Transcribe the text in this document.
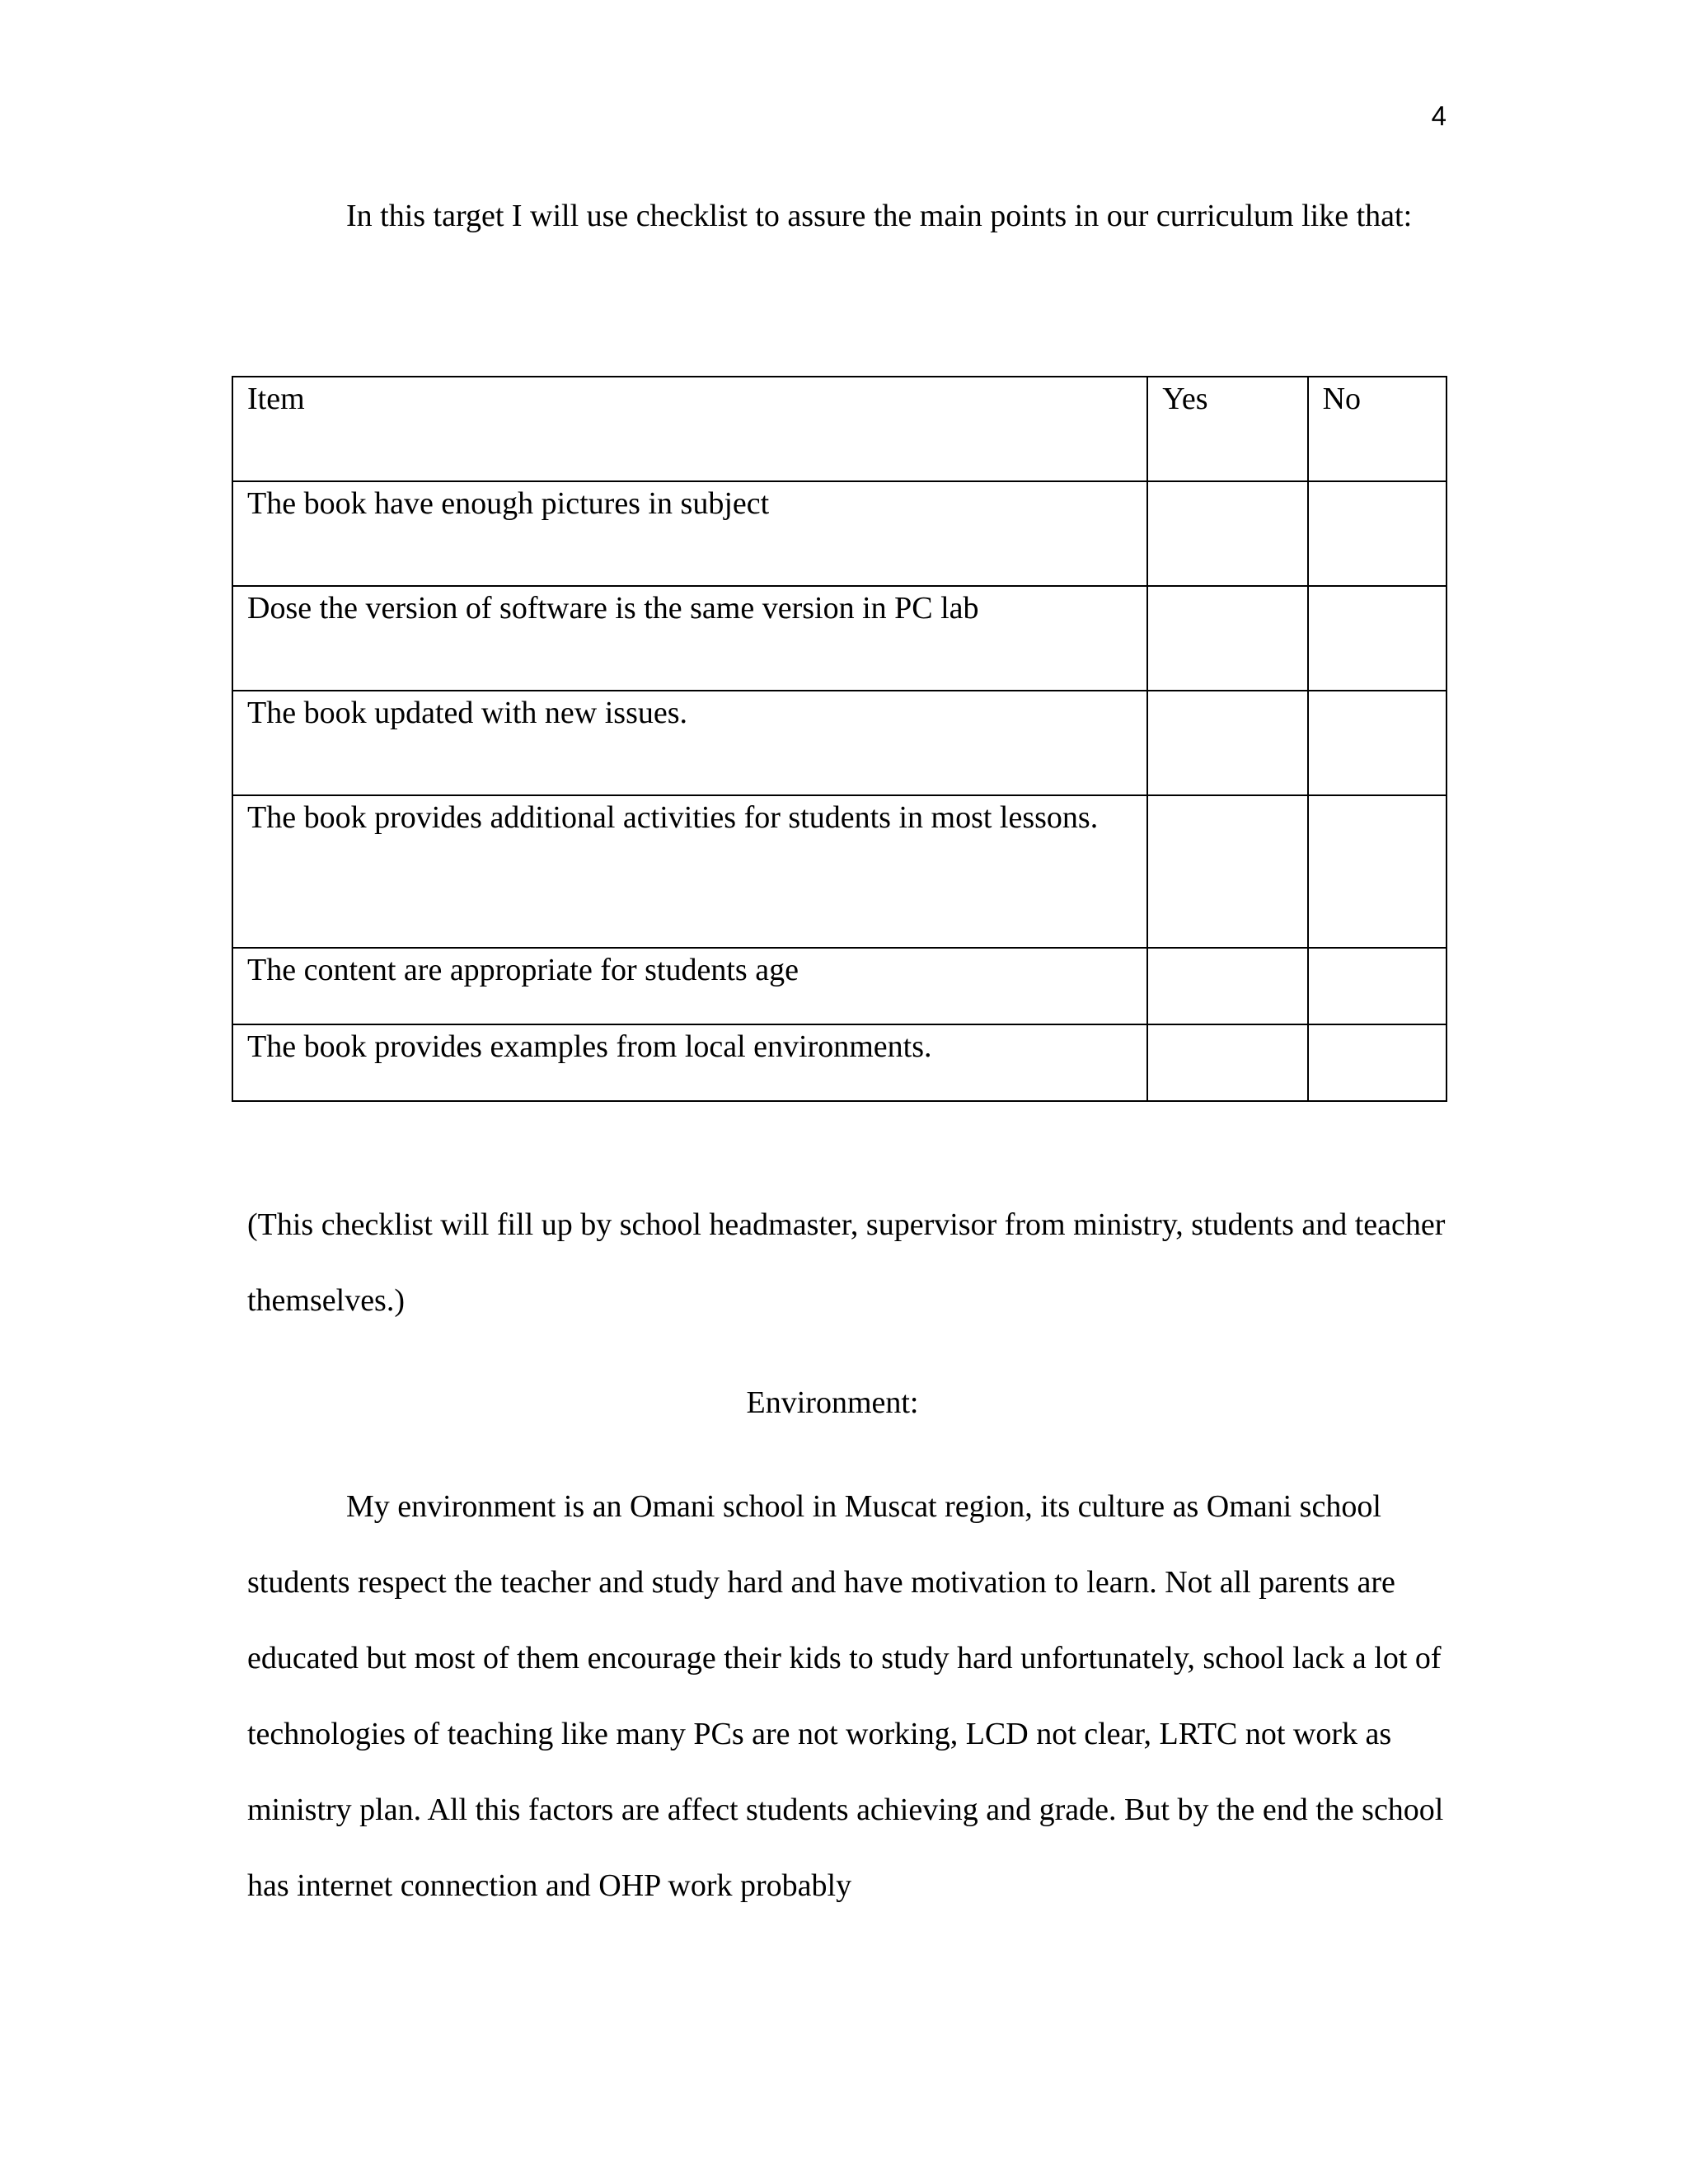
4

In this target I will use checklist to assure the main points in our curriculum like that:

Item	Yes	No

The book have enough pictures in subject		

Dose the version of software is the same version in PC lab		

The book updated with new issues.		

The book provides additional activities for students in most lessons.		

The content are appropriate for students age		

The book provides examples from local environments.		

(This checklist will fill up by school headmaster, supervisor from ministry, students and teacher themselves.)

Environment:

My environment is an Omani school in Muscat region, its culture as Omani school students respect the teacher and study hard and have motivation to learn. Not all parents are educated but most of them encourage their kids to study hard unfortunately, school lack a lot of technologies of teaching like many PCs are not working, LCD not clear, LRTC not work as ministry plan. All this factors are affect students achieving and grade. But by the end the school has internet connection and OHP work probably
